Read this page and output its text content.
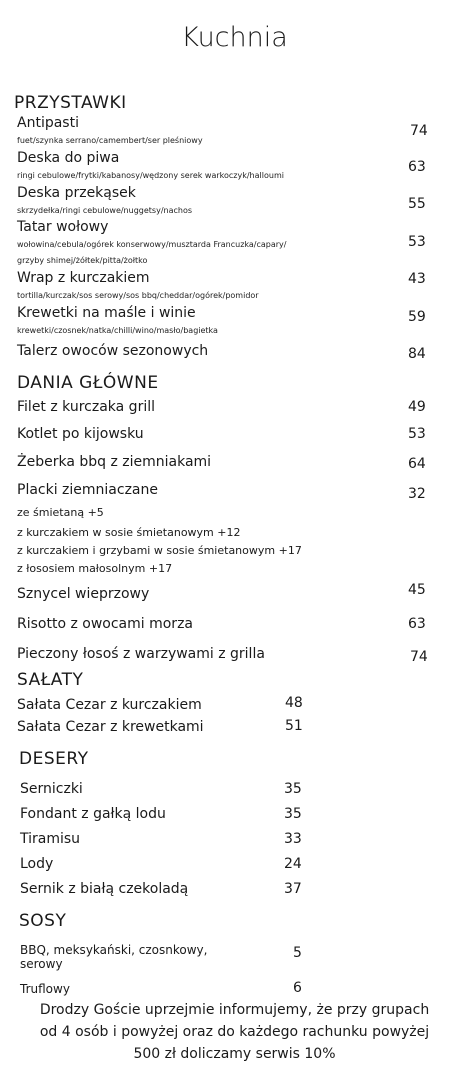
Kuchnia
PRZYSTAWKI
Antipasti
fuet/szynka serrano/camembert/ser pleśniowy
74
Deska do piwa
ringi cebulowe/frytki/kabanosy/wędzony serek warkoczyk/halloumi
63
Deska przekąsek
skrzydełka/ringi cebulowe/nuggetsy/nachos	55
Tatar wołowy
wołowina/cebula/ogórek konserwowy/musztarda Francuzka/capary/
grzyby shimej/żółtek/pitta/żołtko
53
Wrap z kurczakiem
tortilla/kurczak/sos serowy/sos bbq/cheddar/ogórek/pomidor
43
Krewetki na maśle i winie
krewetki/czosnek/natka/chilli/wino/masło/bagietka
59
Talerz owoców sezonowych	84
DANIA GŁÓWNE
Filet z kurczaka grill	49
Kotlet po kijowsku	53
Żeberka bbq z ziemniakami	64
Placki ziemniaczane	32
ze śmietaną +5
z kurczakiem w sosie śmietanowym +12
z kurczakiem i grzybami w sosie śmietanowym +17
z łososiem małosolnym +17
Sznycel wieprzowy	45
Risotto z owocami morza	63
Pieczony łosoś z warzywami z grilla	74
SAŁATY
Sałata Cezar z kurczakiem	48
Sałata Cezar z krewetkami	51
DESERY
Serniczki	35
Fondant z gałką lodu	35
Tiramisu	33
Lody	24
Sernik z białą czekoladą	37
SOSY
BBQ, meksykański, czosnkowy,
serowy
5
Truflowy	6
Drodzy Goście uprzejmie informujemy, że przy grupach
od 4 osób i powyżej oraz do każdego rachunku powyżej
500 zł doliczamy serwis 10%
